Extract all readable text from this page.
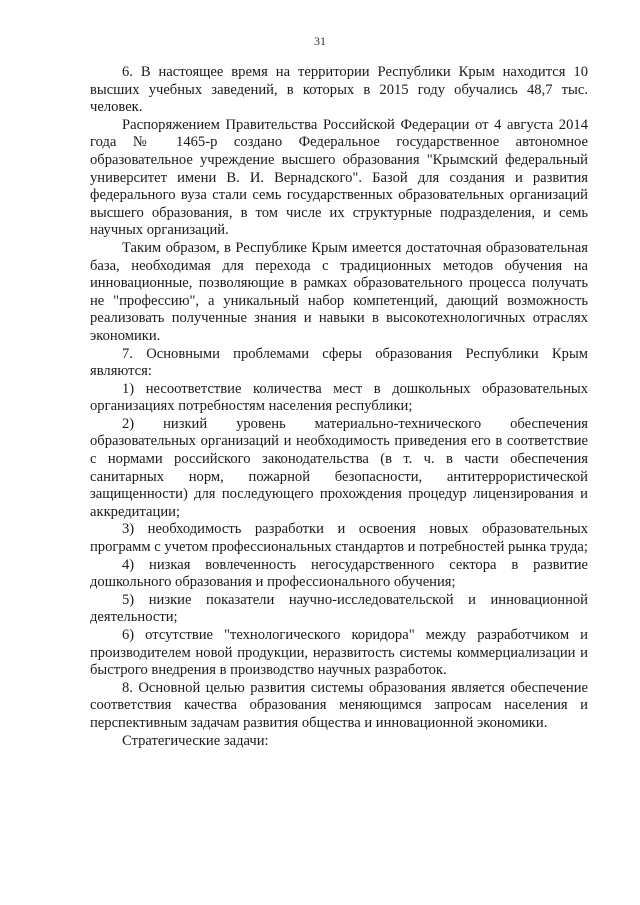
31

6. В настоящее время на территории Республики Крым находится 10 высших учебных заведений, в которых в 2015 году обучались 48,7 тыс. человек.

Распоряжением Правительства Российской Федерации от 4 августа 2014 года № 1465-р создано Федеральное государственное автономное образовательное учреждение высшего образования "Крымский федеральный университет имени В. И. Вернадского". Базой для создания и развития федерального вуза стали семь государственных образовательных организаций высшего образования, в том числе их структурные подразделения, и семь научных организаций.

Таким образом, в Республике Крым имеется достаточная образовательная база, необходимая для перехода с традиционных методов обучения на инновационные, позволяющие в рамках образовательного процесса получать не "профессию", а уникальный набор компетенций, дающий возможность реализовать полученные знания и навыки в высокотехнологичных отраслях экономики.

7. Основными проблемами сферы образования Республики Крым являются:

1) несоответствие количества мест в дошкольных образовательных организациях потребностям населения республики;

2) низкий уровень материально-технического обеспечения образовательных организаций и необходимость приведения его в соответствие с нормами российского законодательства (в т. ч. в части обеспечения санитарных норм, пожарной безопасности, антитеррористической защищенности) для последующего прохождения процедур лицензирования и аккредитации;

3) необходимость разработки и освоения новых образовательных программ с учетом профессиональных стандартов и потребностей рынка труда;

4) низкая вовлеченность негосударственного сектора в развитие дошкольного образования и профессионального обучения;

5) низкие показатели научно-исследовательской и инновационной деятельности;

6) отсутствие "технологического коридора" между разработчиком и производителем новой продукции, неразвитость системы коммерциализации и быстрого внедрения в производство научных разработок.

8. Основной целью развития системы образования является обеспечение соответствия качества образования меняющимся запросам населения и перспективным задачам развития общества и инновационной экономики.

Стратегические задачи:
